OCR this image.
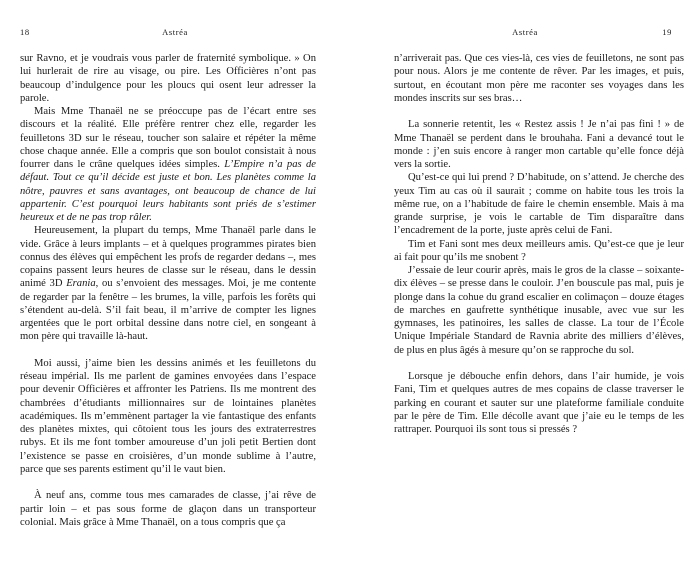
18	Astréa

sur Ravno, et je voudrais vous parler de fraternité symbolique. » On lui hurlerait de rire au visage, ou pire. Les Officières n’ont pas beaucoup d’indulgence pour les ploucs qui osent leur adresser la parole.

Mais Mme Thanaël ne se préoccupe pas de l’écart entre ses discours et la réalité. Elle préfère rentrer chez elle, regarder les feuilletons 3D sur le réseau, toucher son salaire et répéter la même chose chaque année. Elle a compris que son boulot consistait à nous fourrer dans le crâne quelques idées simples. L’Empire n’a pas de défaut. Tout ce qu’il décide est juste et bon. Les planètes comme la nôtre, pauvres et sans avantages, ont beaucoup de chance de lui appartenir. C’est pourquoi leurs habitants sont priés de s’estimer heureux et de ne pas trop râler.

Heureusement, la plupart du temps, Mme Thanaël parle dans le vide. Grâce à leurs implants – et à quelques programmes pirates bien connus des élèves qui empêchent les profs de regarder dedans –, mes copains passent leurs heures de classe sur le réseau, dans le dessin animé 3D Erania, ou s’envoient des messages. Moi, je me contente de regarder par la fenêtre – les brumes, la ville, parfois les forêts qui s’étendent au-delà. S’il fait beau, il m’arrive de compter les lignes argentées que le port orbital dessine dans notre ciel, en songeant à mon père qui travaille là-haut.

Moi aussi, j’aime bien les dessins animés et les feuilletons du réseau impérial. Ils me parlent de gamines envoyées dans l’espace pour devenir Officières et affronter les Patriens. Ils me montrent des chambrées d’étudiants millionnaires sur de lointaines planètes académiques. Ils m’emmènent partager la vie fantastique des enfants des planètes mixtes, qui côtoient tous les jours des extraterrestres rubys. Et ils me font tomber amoureuse d’un joli petit Bertien dont l’existence se passe en croisières, d’un monde sublime à l’autre, parce que ses parents estiment qu’il le vaut bien.

À neuf ans, comme tous mes camarades de classe, j’ai rêve de partir loin – et pas sous forme de glaçon dans un transporteur colonial. Mais grâce à Mme Thanaël, on a tous compris que ça

Astréa	19

n’arriverait pas. Que ces vies-là, ces vies de feuilletons, ne sont pas pour nous. Alors je me contente de rêver. Par les images, et puis, surtout, en écoutant mon père me raconter ses voyages dans les mondes inscrits sur ses bras…

La sonnerie retentit, les « Restez assis ! Je n’ai pas fini ! » de Mme Thanaël se perdent dans le brouhaha. Fani a devancé tout le monde : j’en suis encore à ranger mon cartable qu’elle fonce déjà vers la sortie.

Qu’est-ce qui lui prend ? D’habitude, on s’attend. Je cherche des yeux Tim au cas où il saurait ; comme on habite tous les trois la même rue, on a l’habitude de faire le chemin ensemble. Mais à ma grande surprise, je vois le cartable de Tim disparaître dans l’encadrement de la porte, juste après celui de Fani.

Tim et Fani sont mes deux meilleurs amis. Qu’est-ce que je leur ai fait pour qu’ils me snobent ?

J’essaie de leur courir après, mais le gros de la classe – soixante-dix élèves – se presse dans le couloir. J’en bouscule pas mal, puis je plonge dans la cohue du grand escalier en colimaçon – douze étages de marches en gaufrette synthétique inusable, avec vue sur les gymnases, les patinoires, les salles de classe. La tour de l’École Unique Impériale Standard de Ravnia abrite des milliers d’élèves, de plus en plus âgés à mesure qu’on se rapproche du sol.

Lorsque je débouche enfin dehors, dans l’air humide, je vois Fani, Tim et quelques autres de mes copains de classe traverser le parking en courant et sauter sur une plateforme familiale conduite par le père de Tim. Elle décolle avant que j’aie eu le temps de les rattraper. Pourquoi ils sont tous si pressés ?
